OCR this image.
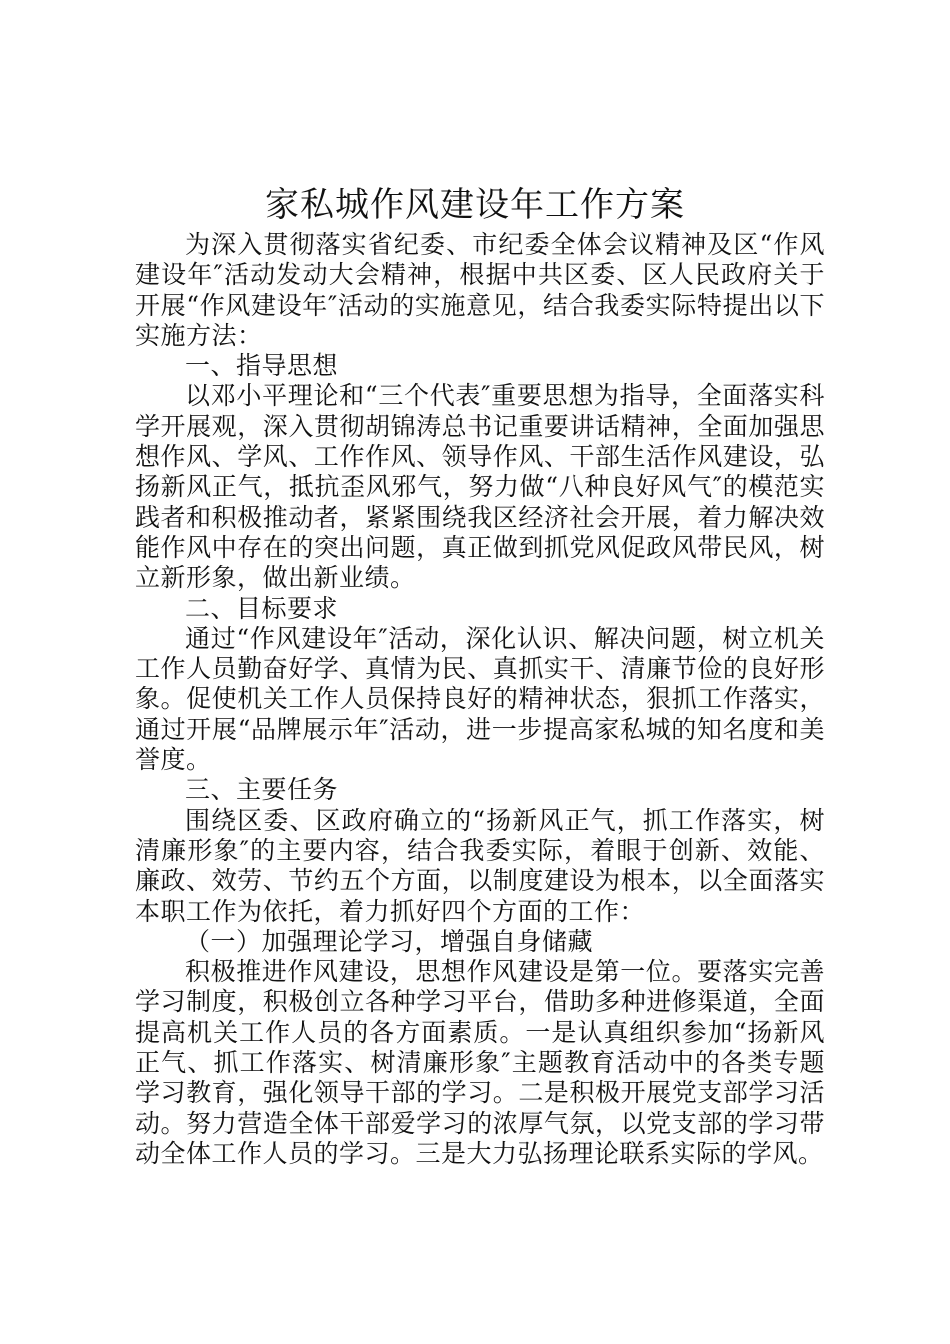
家私城作风建设年工作方案

为深入贯彻落实省纪委、市纪委全体会议精神及区“作风建设年″活动发动大会精神，根据中共区委、区人民政府关于开展“作风建设年″活动的实施意见，结合我委实际特提出以下实施方法：

一、指导思想

以邓小平理论和“三个代表″重要思想为指导，全面落实科学开展观，深入贯彻胡锦涛总书记重要讲话精神，全面加强思想作风、学风、工作作风、领导作风、干部生活作风建设，弘扬新风正气，抵抗歪风邪气，努力做“八种良好风气″的模范实践者和积极推动者，紧紧围绕我区经济社会开展，着力解决效能作风中存在的突出问题，真正做到抓党风促政风带民风，树立新形象，做出新业绩。

二、目标要求

通过“作风建设年″活动，深化认识、解决问题，树立机关工作人员勤奋好学、真情为民、真抓实干、清廉节俭的良好形象。促使机关工作人员保持良好的精神状态，狠抓工作落实，通过开展“品牌展示年″活动，进一步提高家私城的知名度和美誉度。

三、主要任务

围绕区委、区政府确立的“扬新风正气，抓工作落实，树清廉形象″的主要内容，结合我委实际，着眼于创新、效能、廉政、效劳、节约五个方面，以制度建设为根本，以全面落实本职工作为依托，着力抓好四个方面的工作：

（一）加强理论学习，增强自身储藏

积极推进作风建设，思想作风建设是第一位。要落实完善学习制度，积极创立各种学习平台，借助多种进修渠道，全面提高机关工作人员的各方面素质。一是认真组织参加“扬新风正气、抓工作落实、树清廉形象″主题教育活动中的各类专题学习教育，强化领导干部的学习。二是积极开展党支部学习活动。努力营造全体干部爱学习的浓厚气氛，以党支部的学习带动全体工作人员的学习。三是大力弘扬理论联系实际的学风。
